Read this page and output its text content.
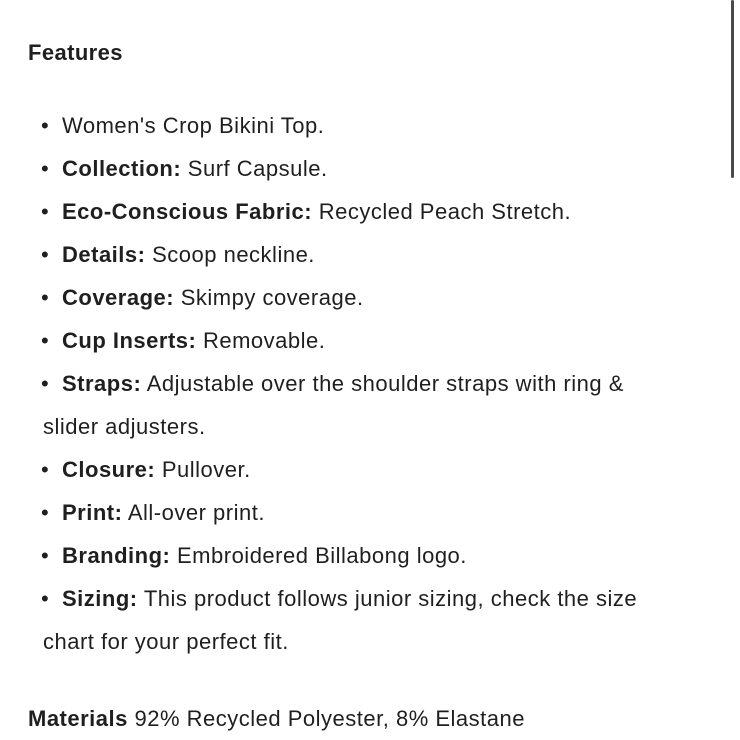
Features
• Women's Crop Bikini Top.
• Collection: Surf Capsule.
• Eco-Conscious Fabric: Recycled Peach Stretch.
• Details: Scoop neckline.
• Coverage: Skimpy coverage.
• Cup Inserts: Removable.
• Straps: Adjustable over the shoulder straps with ring &
slider adjusters.
• Closure: Pullover.
• Print: All-over print.
• Branding: Embroidered Billabong logo.
• Sizing: This product follows junior sizing, check the size
chart for your perfect fit.

Materials 92% Recycled Polyester, 8% Elastane
